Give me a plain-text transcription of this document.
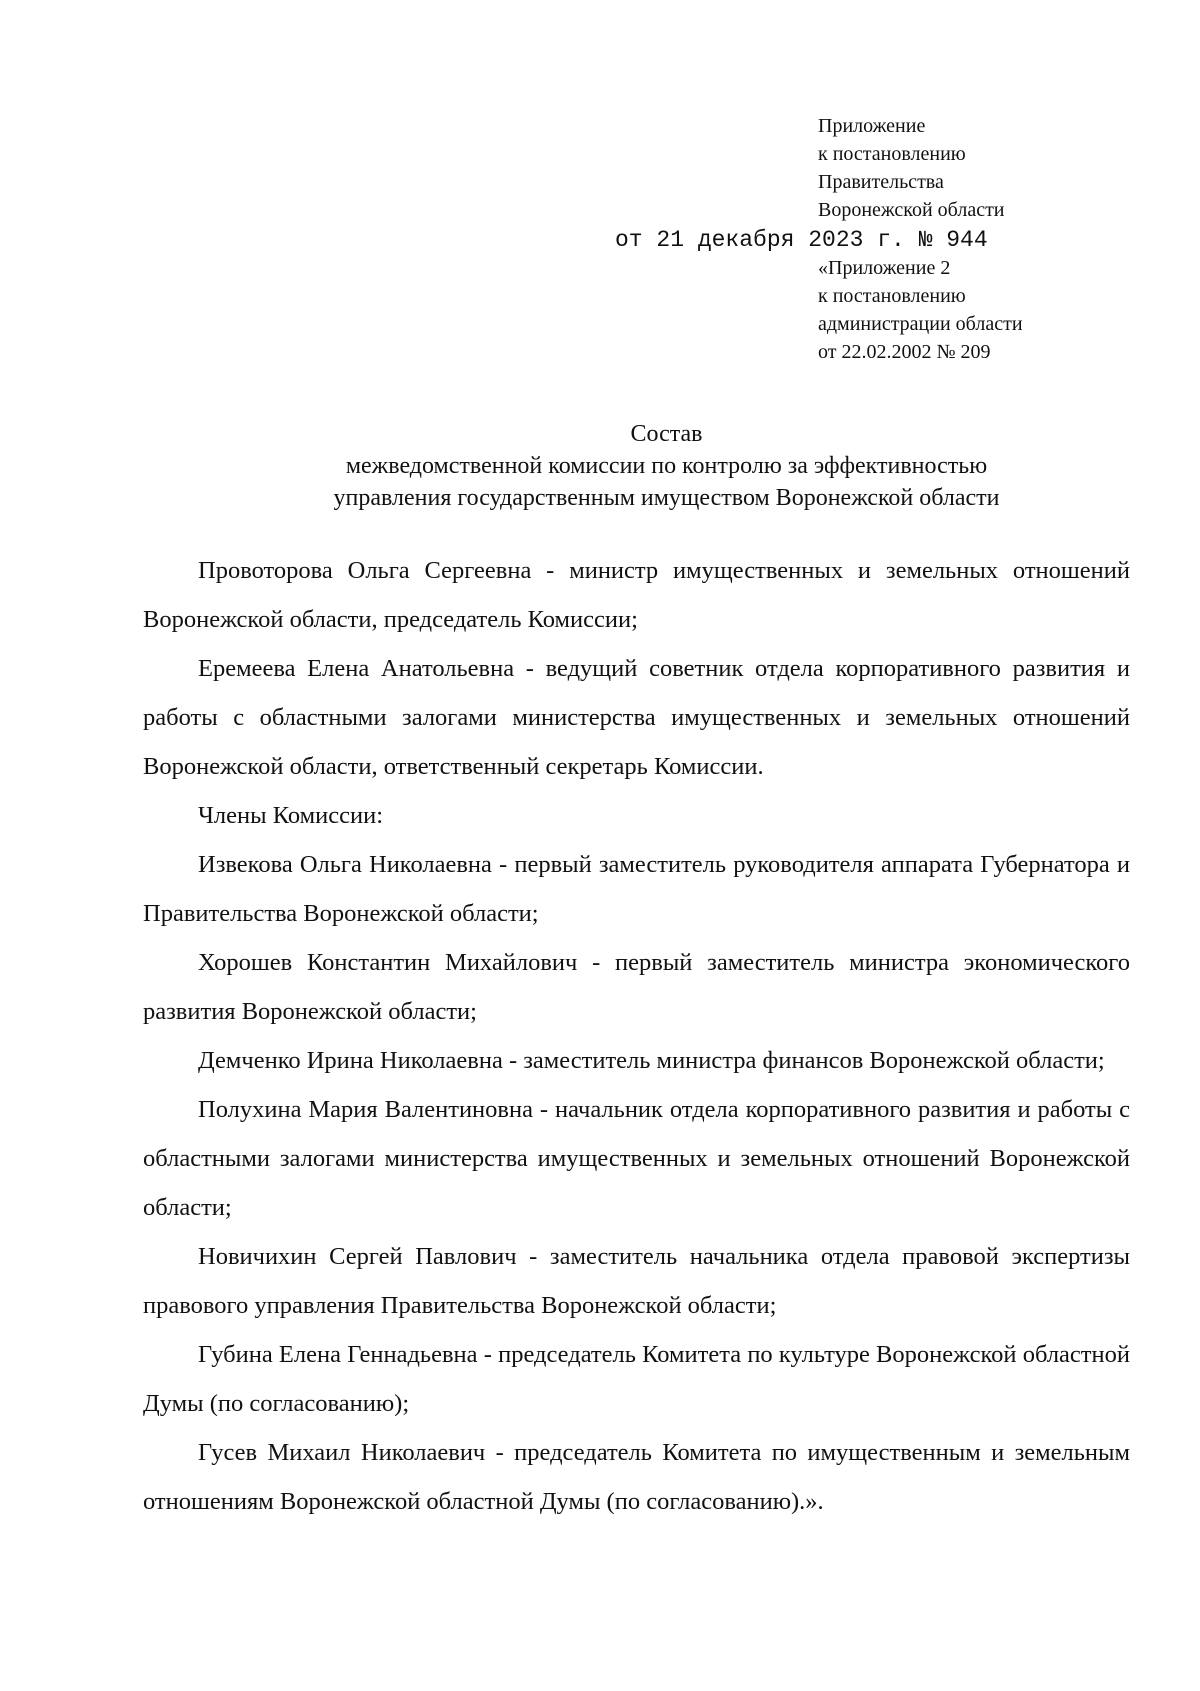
Приложение
к постановлению
Правительства
Воронежской области
от 21 декабря 2023 г. № 944
«Приложение 2
к постановлению
администрации области
от 22.02.2002 № 209
Состав
межведомственной комиссии по контролю за эффективностью
управления государственным имуществом Воронежской области

Провоторова Ольга Сергеевна - министр имущественных и земельных отношений Воронежской области, председатель Комиссии;

Еремеева Елена Анатольевна - ведущий советник отдела корпоративного развития и работы с областными залогами министерства имущественных и земельных отношений Воронежской области, ответственный секретарь Комиссии.

Члены Комиссии:

Извекова Ольга Николаевна - первый заместитель руководителя аппарата Губернатора и Правительства Воронежской области;

Хорошев Константин Михайлович - первый заместитель министра экономического развития Воронежской области;

Демченко Ирина Николаевна - заместитель министра финансов Воронежской области;

Полухина Мария Валентиновна - начальник отдела корпоративного развития и работы с областными залогами министерства имущественных и земельных отношений Воронежской области;

Новичихин Сергей Павлович - заместитель начальника отдела правовой экспертизы правового управления Правительства Воронежской области;

Губина Елена Геннадьевна - председатель Комитета по культуре Воронежской областной Думы (по согласованию);

Гусев Михаил Николаевич - председатель Комитета по имущественным и земельным отношениям Воронежской областной Думы (по согласованию).».
